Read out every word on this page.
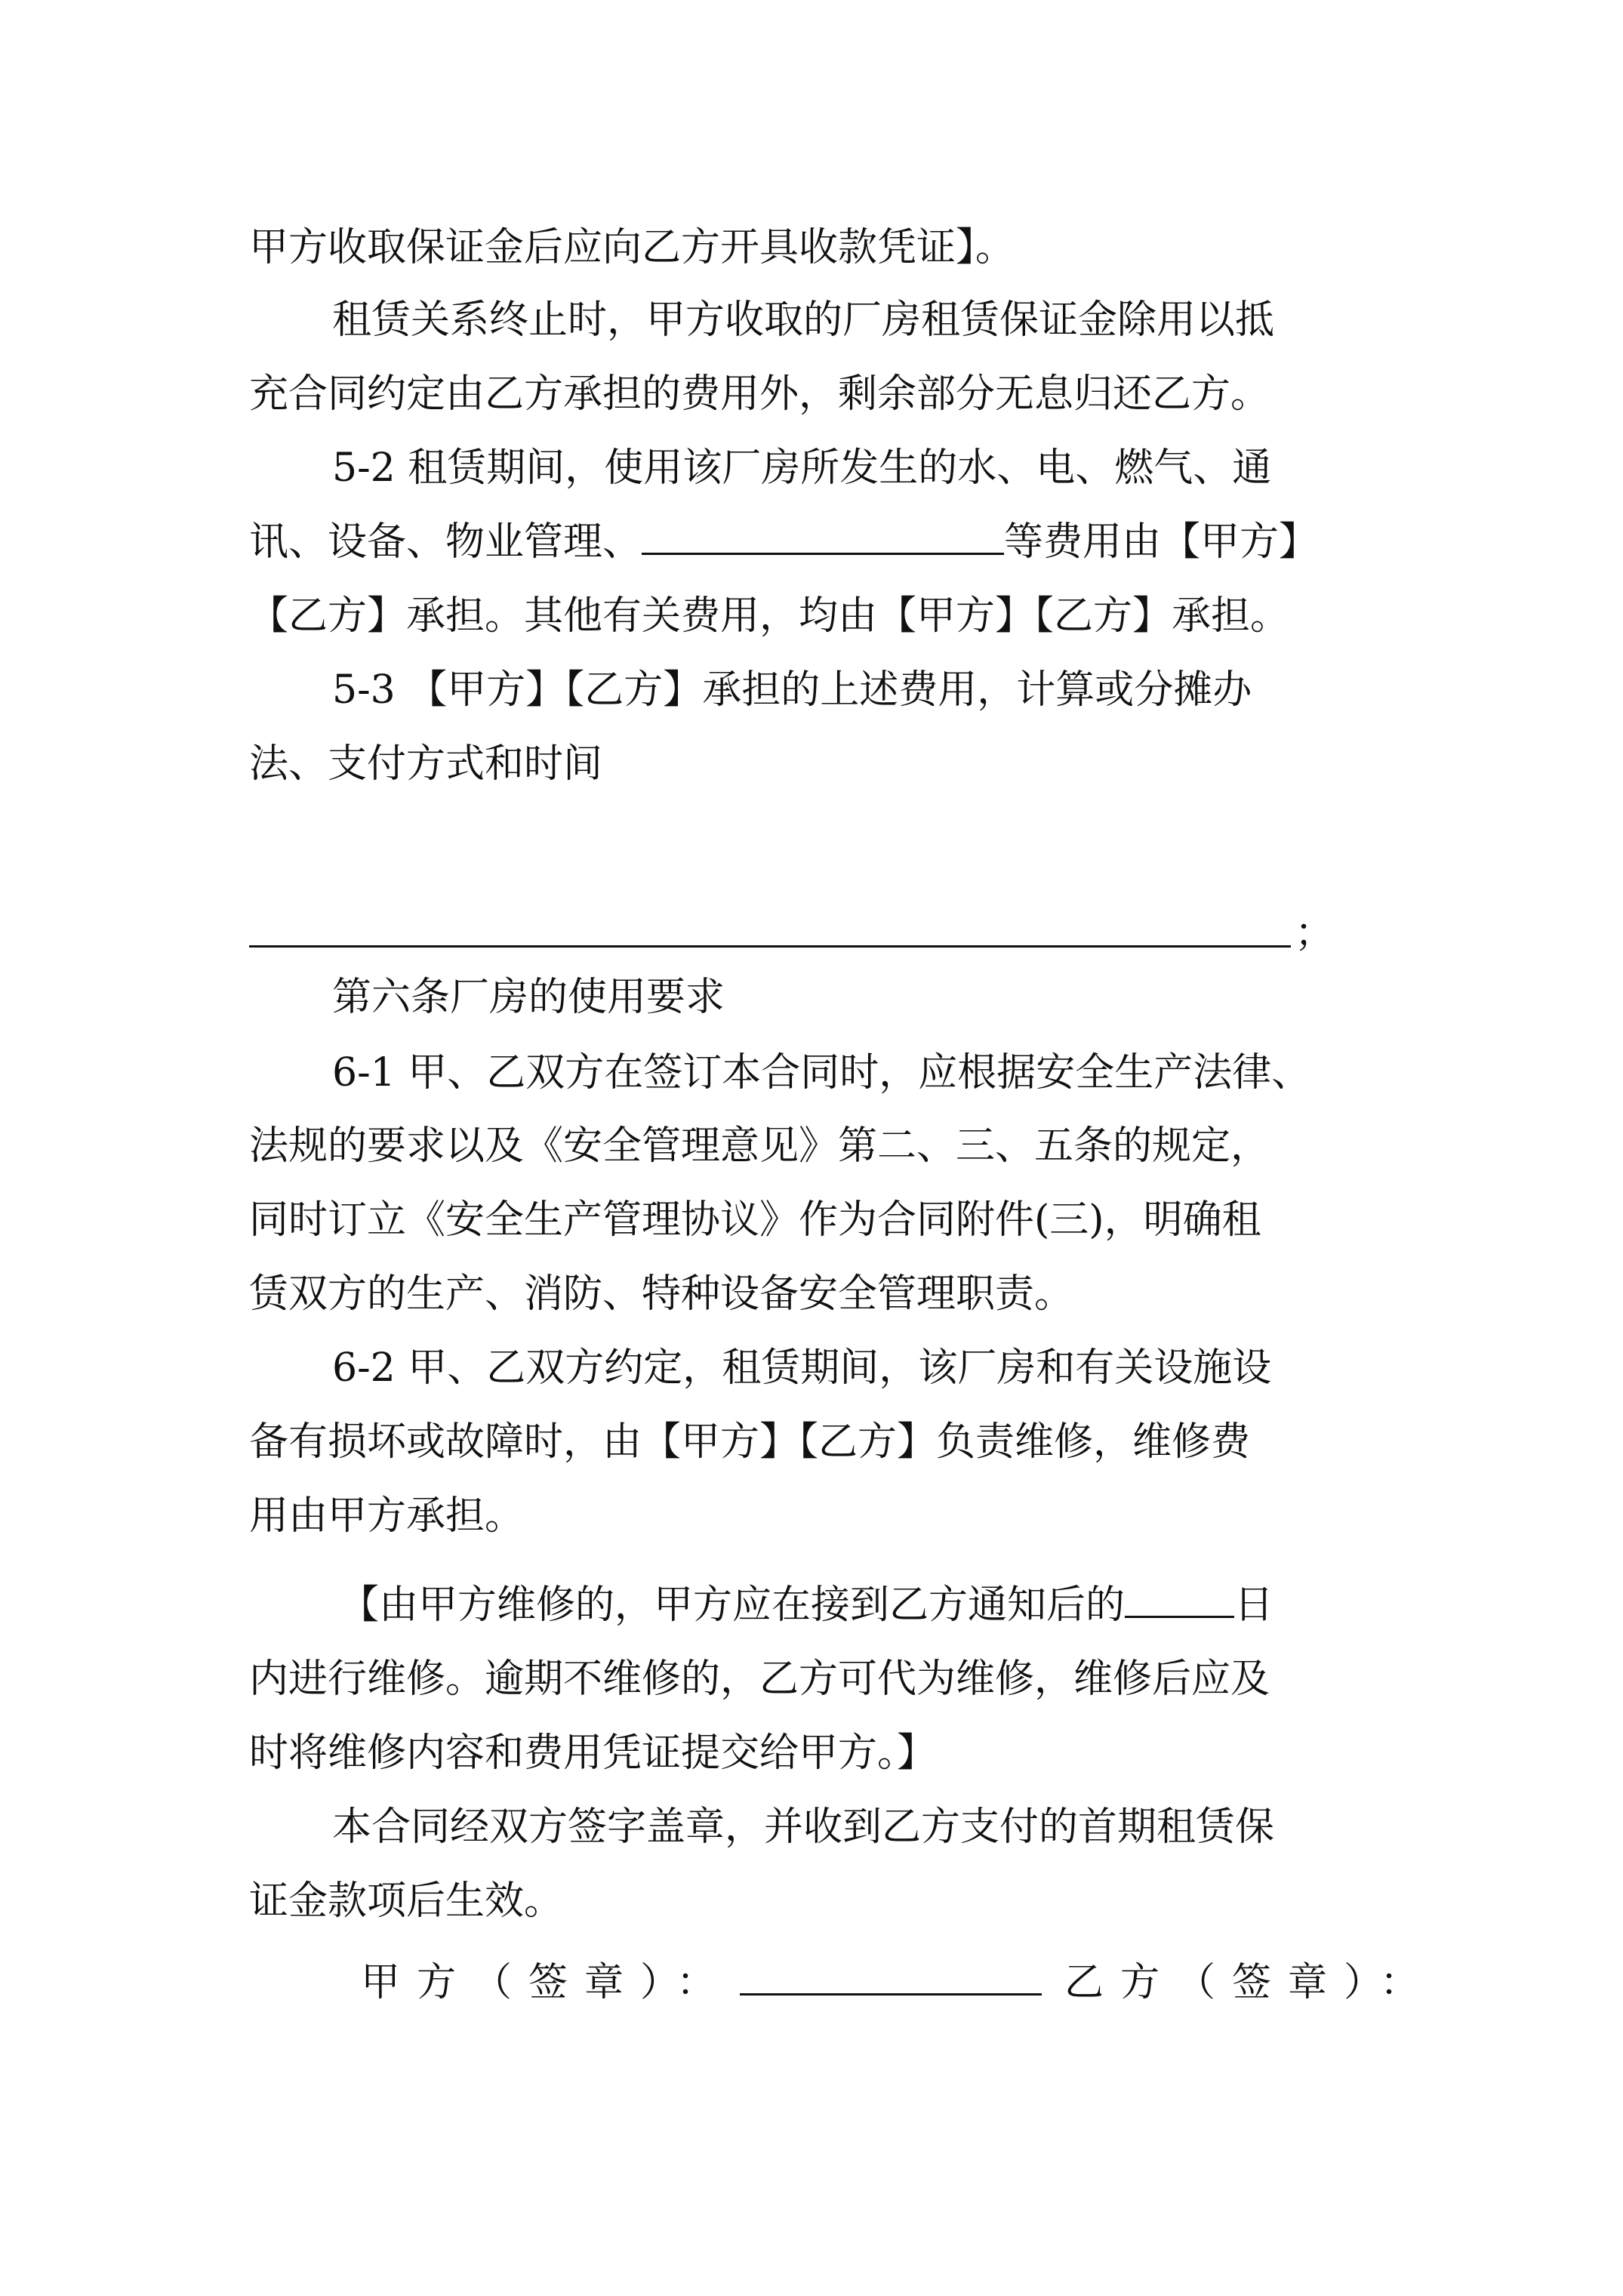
甲方收取保证金后应向乙方开具收款凭证】。
租赁关系终止时，甲方收取的厂房租赁保证金除用以抵
充合同约定由乙方承担的费用外，剩余部分无息归还乙方。
5-2 租赁期间，使用该厂房所发生的水、电、燃气、通
讯、设备、物业管理、	等费用由【甲方】
【乙方】承担。其他有关费用，均由【甲方】【乙方】承担。
5-3 【甲方】【乙方】承担的上述费用，计算或分摊办
法、支付方式和时间
；
第六条厂房的使用要求
6-1 甲、乙双方在签订本合同时，应根据安全生产法律、
法规的要求以及《安全管理意见》第二、三、五条的规定，
同时订立《安全生产管理协议》作为合同附件(三)，明确租
赁双方的生产、消防、特种设备安全管理职责。
6-2 甲、乙双方约定，租赁期间，该厂房和有关设施设
备有损坏或故障时，由【甲方】【乙方】负责维修，维修费
用由甲方承担。
【由甲方维修的，甲方应在接到乙方通知后的	日
内进行维修。逾期不维修的，乙方可代为维修，维修后应及
时将维修内容和费用凭证提交给甲方。】
本合同经双方签字盖章，并收到乙方支付的首期租赁保
证金款项后生效。
甲方（签章）：	乙方（签章）：
